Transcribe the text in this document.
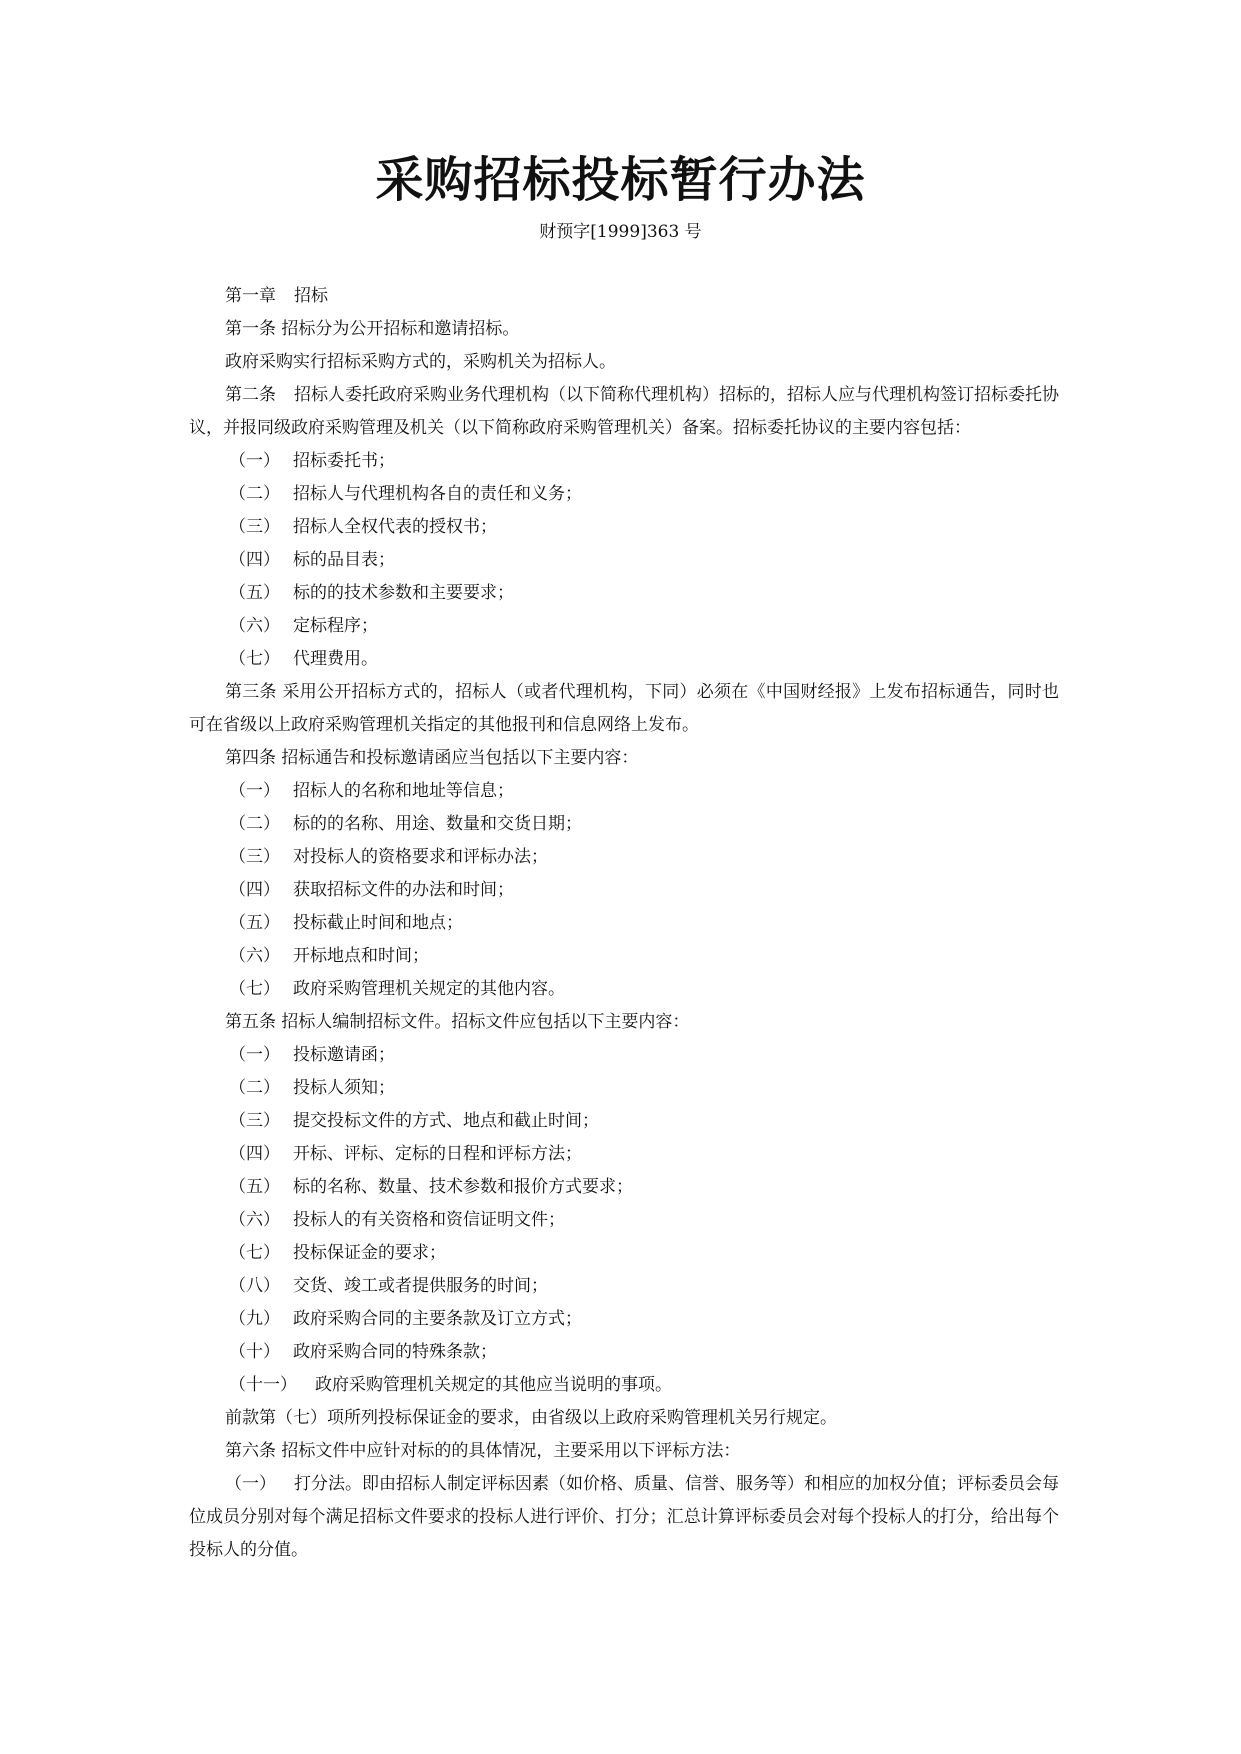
采购招标投标暂行办法
财预字[1999]363 号

第一章 招标

第一条 招标分为公开招标和邀请招标。

政府采购实行招标采购方式的，采购机关为招标人。

第二条 招标人委托政府采购业务代理机构（以下简称代理机构）招标的，招标人应与代理机构签订招标委托协议，并报同级政府采购管理及机关（以下简称政府采购管理机关）备案。招标委托协议的主要内容包括：

（一） 招标委托书；

（二） 招标人与代理机构各自的责任和义务；

（三） 招标人全权代表的授权书；

（四） 标的品目表；

（五） 标的的技术参数和主要要求；

（六） 定标程序；

（七） 代理费用。

第三条 采用公开招标方式的，招标人（或者代理机构，下同）必须在《中国财经报》上发布招标通告，同时也可在省级以上政府采购管理机关指定的其他报刊和信息网络上发布。

第四条 招标通告和投标邀请函应当包括以下主要内容：

（一） 招标人的名称和地址等信息；

（二） 标的的名称、用途、数量和交货日期；

（三） 对投标人的资格要求和评标办法；

（四） 获取招标文件的办法和时间；

（五） 投标截止时间和地点；

（六） 开标地点和时间；

（七） 政府采购管理机关规定的其他内容。

第五条 招标人编制招标文件。招标文件应包括以下主要内容：

（一） 投标邀请函；

（二） 投标人须知；

（三） 提交投标文件的方式、地点和截止时间；

（四） 开标、评标、定标的日程和评标方法；

（五） 标的名称、数量、技术参数和报价方式要求；

（六） 投标人的有关资格和资信证明文件；

（七） 投标保证金的要求；

（八） 交货、竣工或者提供服务的时间；

（九） 政府采购合同的主要条款及订立方式；

（十） 政府采购合同的特殊条款；

（十一） 政府采购管理机关规定的其他应当说明的事项。

前款第（七）项所列投标保证金的要求，由省级以上政府采购管理机关另行规定。

第六条 招标文件中应针对标的的具体情况，主要采用以下评标方法：

（一） 打分法。即由招标人制定评标因素（如价格、质量、信誉、服务等）和相应的加权分值；评标委员会每位成员分别对每个满足招标文件要求的投标人进行评价、打分；汇总计算评标委员会对每个投标人的打分，给出每个投标人的分值。
